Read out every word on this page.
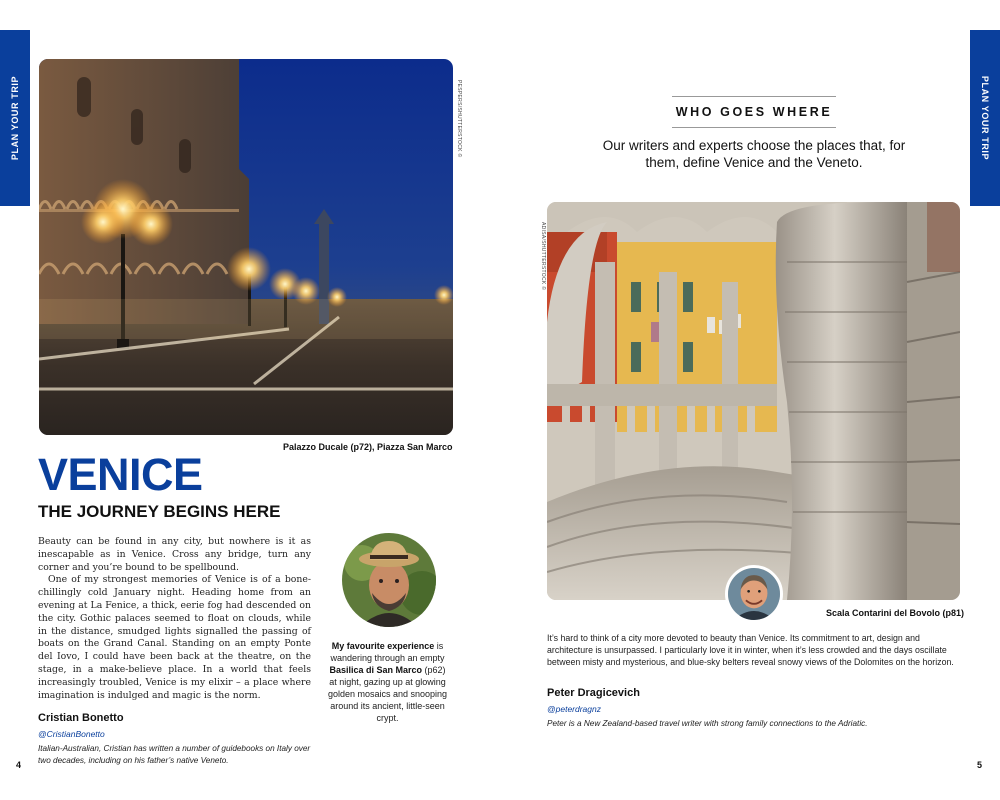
PLAN YOUR TRIP	PLAN YOUR TRIP
PESPERS/SHUTTERSTOCK ©
Palazzo Ducale (p72), Piazza San Marco
VENICE
THE JOURNEY BEGINS HERE

Beauty can be found in any city, but nowhere is it as inescapable as in Venice. Cross any bridge, turn any corner and you’re bound to be spellbound.

One of my strongest memories of Venice is of a bone-chillingly cold January night. Heading home from an evening at La Fenice, a thick, eerie fog had descended on the city. Gothic palaces seemed to float on clouds, while in the distance, smudged lights signalled the passing of boats on the Grand Canal. Standing on an empty Ponte del Iovo, I could have been back at the theatre, on the stage, in a make-believe place. In a world that feels increasingly troubled, Venice is my elixir – a place where imagination is indulged and magic is the norm.

Cristian Bonetto
@CristianBonetto
Italian-Australian, Cristian has written a number of guidebooks on Italy over two decades, including on his father’s native Veneto.
My favourite experience is wandering through an empty Basilica di San Marco (p62) at night, gazing up at glowing golden mosaics and snooping around its ancient, little-seen crypt.
WHO GOES WHERE
Our writers and experts choose the places that, for them, define Venice and the Veneto.
ADISA/SHUTTERSTOCK ©
Scala Contarini del Bovolo (p81)
It’s hard to think of a city more devoted to beauty than Venice. Its commitment to art, design and architecture is unsurpassed. I particularly love it in winter, when it’s less crowded and the days oscillate between misty and mysterious, and blue-sky belters reveal snowy views of the Dolomites on the horizon.
Peter Dragicevich
@peterdragnz
Peter is a New Zealand-based travel writer with strong family connections to the Adriatic.
4	5
